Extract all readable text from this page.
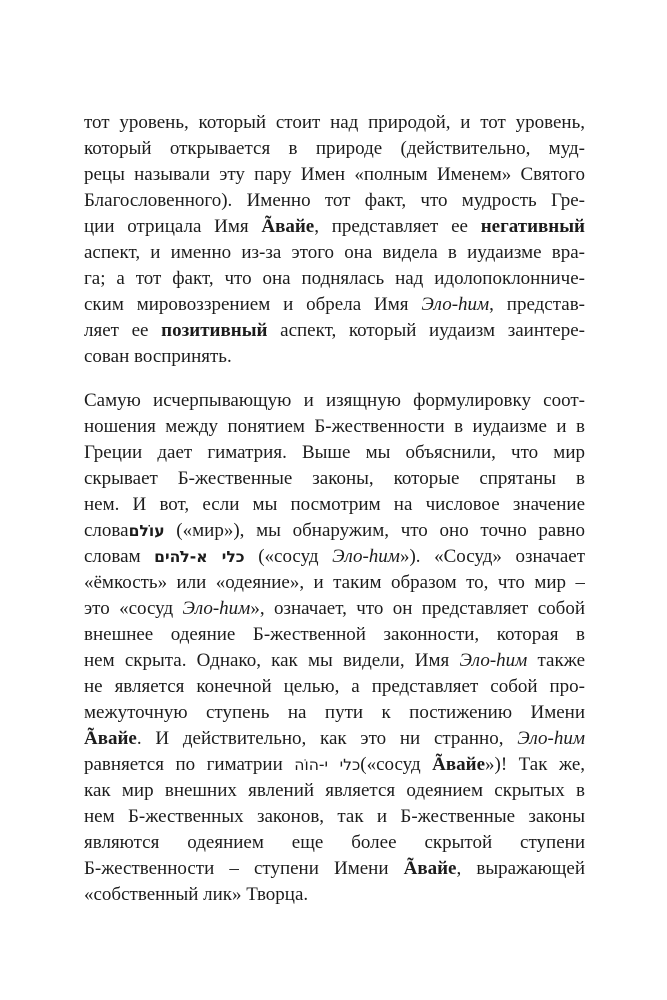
тот уровень, который стоит над природой, и тот уровень,
который открывается в природе (действительно, муд-
рецы называли эту пару Имен «полным Именем» Святого
Благословенного). Именно тот факт, что мудрость Гре-
ции отрицала Имя Ãвайе, представляет ее негативный
аспект, и именно из-за этого она видела в иудаизме вра-
га; а тот факт, что она поднялась над идолопоклонниче-
ским мировоззрением и обрела Имя Эло-hим, представ-
ляет ее позитивный аспект, который иудаизм заинтере-
сован воспринять.
Самую исчерпывающую и изящную формулировку соот-
ношения между понятием Б-жественности в иудаизме и в
Греции дает гиматрия. Выше мы объяснили, что мир
скрывает Б-жественные законы, которые спрятаны в
нем. И вот, если мы посмотрим на числовое значение
словаעוֹלם («мир»), мы обнаружим, что оно точно равно
словам כלי א-לֹהים («сосуд Эло-hим»). «Сосуд» означает
«ёмкость» или «одеяние», и таким образом то, что мир –
это «сосуд Эло-hим», означает, что он представляет собой
внешнее одеяние Б-жественной законности, которая в
нем скрыта. Однако, как мы видели, Имя Эло-hим также
не является конечной целью, а представляет собой про-
межуточную ступень на пути к постижению Имени
Ãвайе. И действительно, как это ни странно, Эло-hим
равняется по гиматрии כלי י-הוֹה(«сосуд Ãвайе»)! Так же,
как мир внешних явлений является одеянием скрытых в
нем Б-жественных законов, так и Б-жественные законы
являются одеянием еще более скрытой ступени
Б-жественности – ступени Имени Ãвайе, выражающей
«собственный лик» Творца.
